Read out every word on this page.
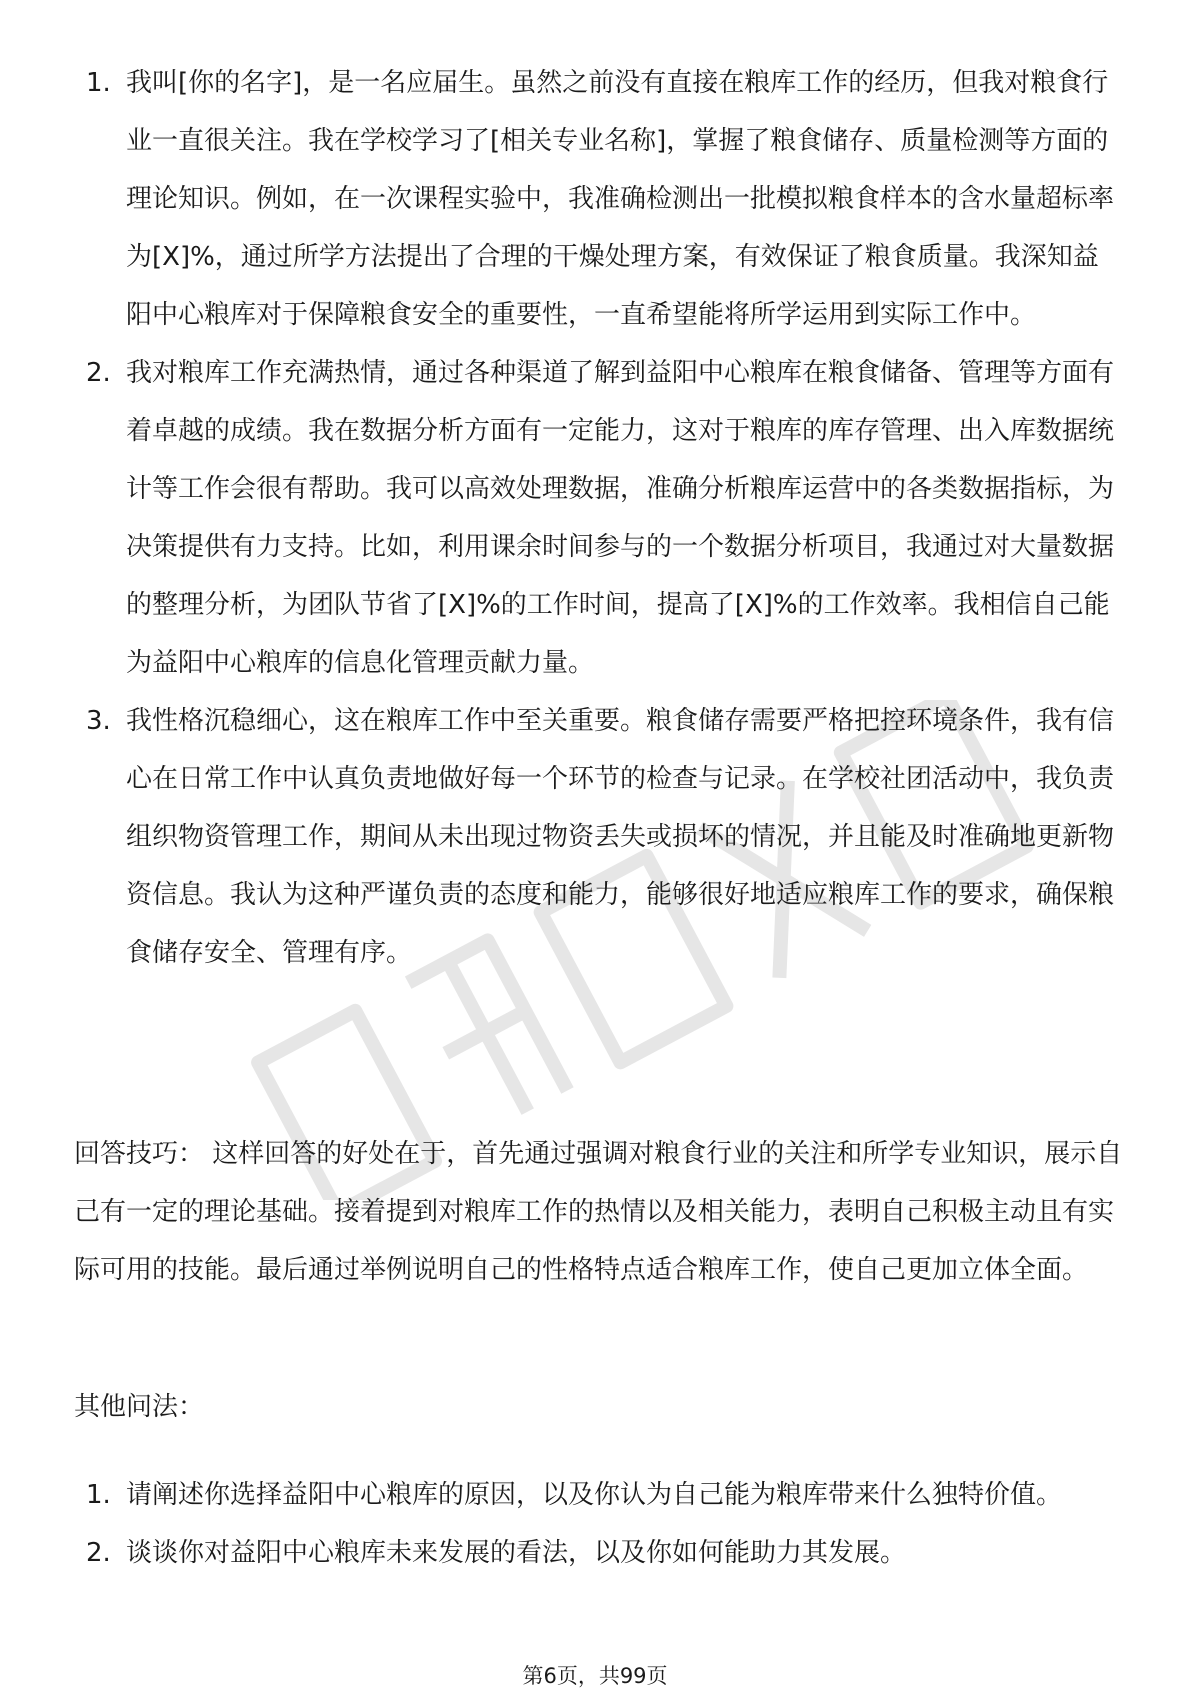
1. 我叫[你的名字]，是一名应届生。虽然之前没有直接在粮库工作的经历，但我对粮食行业一直很关注。我在学校学习了[相关专业名称]，掌握了粮食储存、质量检测等方面的理论知识。例如，在一次课程实验中，我准确检测出一批模拟粮食样本的含水量超标率为[X]%，通过所学方法提出了合理的干燥处理方案，有效保证了粮食质量。我深知益阳中心粮库对于保障粮食安全的重要性，一直希望能将所学运用到实际工作中。
2. 我对粮库工作充满热情，通过各种渠道了解到益阳中心粮库在粮食储备、管理等方面有着卓越的成绩。我在数据分析方面有一定能力，这对于粮库的库存管理、出入库数据统计等工作会很有帮助。我可以高效处理数据，准确分析粮库运营中的各类数据指标，为决策提供有力支持。比如，利用课余时间参与的一个数据分析项目，我通过对大量数据的整理分析，为团队节省了[X]%的工作时间，提高了[X]%的工作效率。我相信自己能为益阳中心粮库的信息化管理贡献力量。
3. 我性格沉稳细心，这在粮库工作中至关重要。粮食储存需要严格把控环境条件，我有信心在日常工作中认真负责地做好每一个环节的检查与记录。在学校社团活动中，我负责组织物资管理工作，期间从未出现过物资丢失或损坏的情况，并且能及时准确地更新物资信息。我认为这种严谨负责的态度和能力，能够很好地适应粮库工作的要求，确保粮食储存安全、管理有序。

回答技巧： 这样回答的好处在于，首先通过强调对粮食行业的关注和所学专业知识，展示自己有一定的理论基础。接着提到对粮库工作的热情以及相关能力，表明自己积极主动且有实际可用的技能。最后通过举例说明自己的性格特点适合粮库工作，使自己更加立体全面。

其他问法：

1. 请阐述你选择益阳中心粮库的原因，以及你认为自己能为粮库带来什么独特价值。
2. 谈谈你对益阳中心粮库未来发展的看法，以及你如何能助力其发展。
第6页，共99页
